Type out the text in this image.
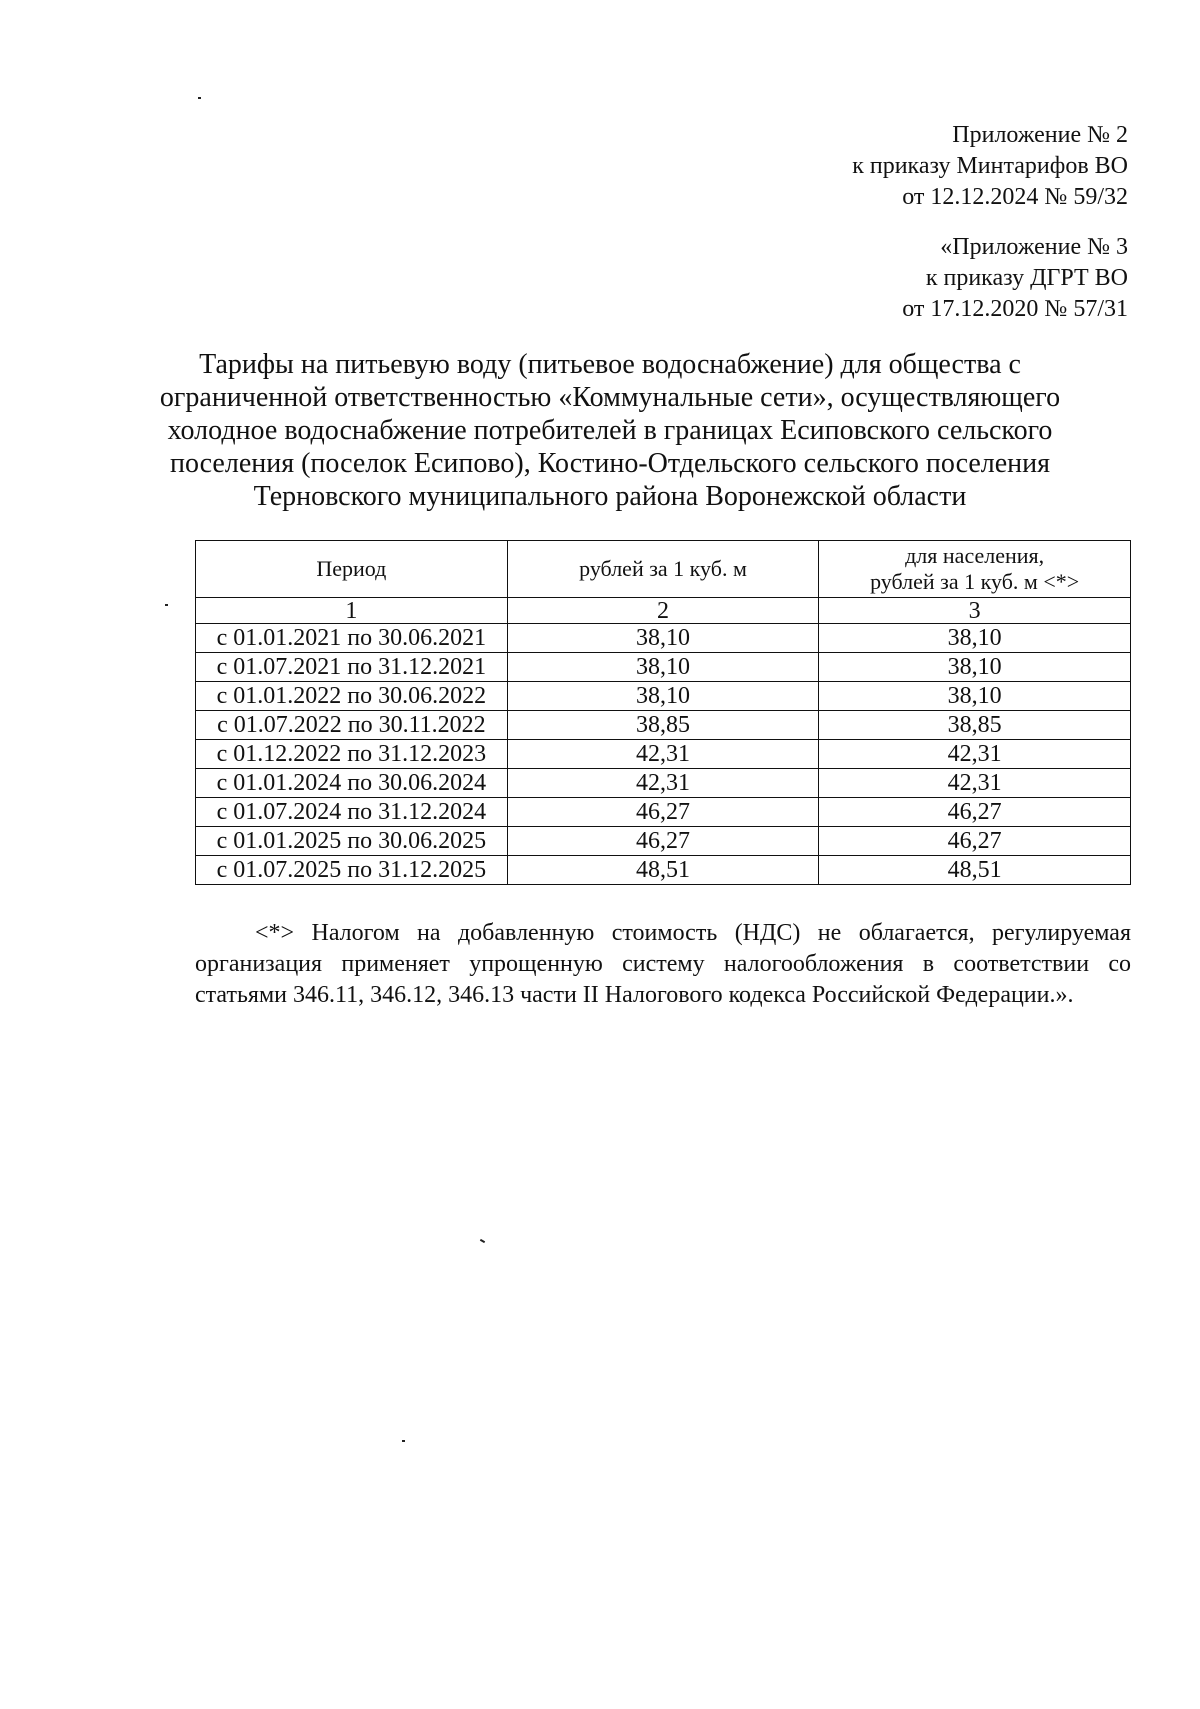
Приложение № 2
к приказу Минтарифов ВО
от 12.12.2024 № 59/32
«Приложение № 3
к приказу ДГРТ ВО
от 17.12.2020 № 57/31
Тарифы на питьевую воду (питьевое водоснабжение) для общества с
ограниченной ответственностью «Коммунальные сети», осуществляющего
холодное водоснабжение потребителей в границах Есиповского сельского
поселения (поселок Есипово), Костино-Отдельского сельского поселения
Терновского муниципального района Воронежской области
Период	рублей за 1 куб. м	для населения,
рублей за 1 куб. м <*>
1	2	3
с 01.01.2021 по 30.06.2021	38,10	38,10
с 01.07.2021 по 31.12.2021	38,10	38,10
с 01.01.2022 по 30.06.2022	38,10	38,10
с 01.07.2022 по 30.11.2022	38,85	38,85
с 01.12.2022 по 31.12.2023	42,31	42,31
с 01.01.2024 по 30.06.2024	42,31	42,31
с 01.07.2024 по 31.12.2024	46,27	46,27
с 01.01.2025 по 30.06.2025	46,27	46,27
с 01.07.2025 по 31.12.2025	48,51	48,51

<*> Налогом на добавленную стоимость (НДС) не облагается, регулируемая организация применяет упрощенную систему налогообложения в соответствии со статьями 346.11, 346.12, 346.13 части II Налогового кодекса Российской Федерации.».
